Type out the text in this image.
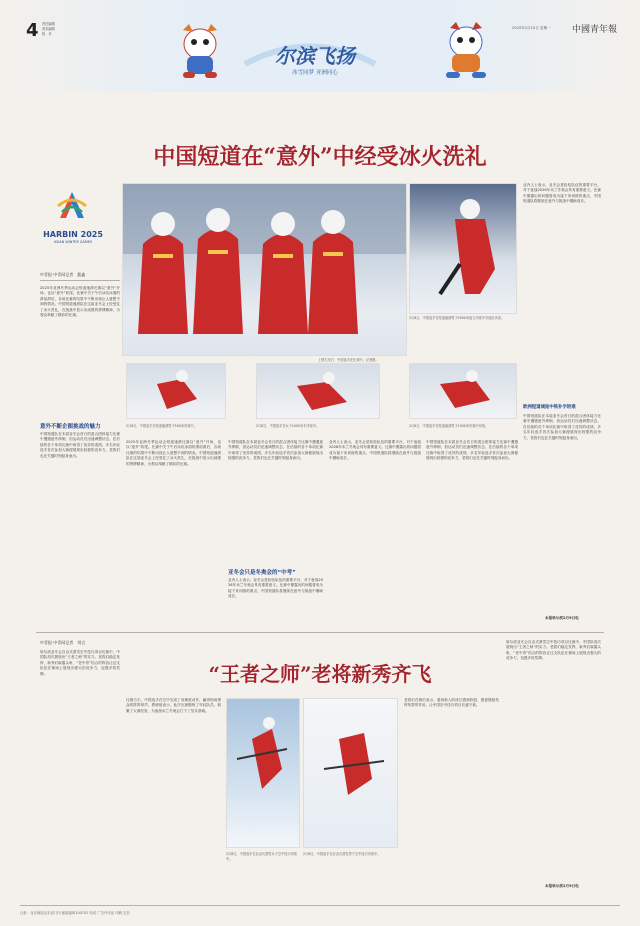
4 责任编辑
美术编辑
校　对
尔滨飞扬
冰雪同梦 亚洲同心
2025年2月10日 星期一 中國青年報
中国短道在“意外”中经受冰火洗礼
HARBIN 2025
ASIAN WINTER GAMES
中青报·中青网记者　慈鑫
2025年亚洲冬季运动会短道速滑比赛以“意外”开场，也以“意外”收尾。比赛中关于午后冰坑冰面的滑前滑后，各场比赛的结果中不断出现让人意想不到的情况。中国短道速滑队在这届亚冬会上经受住了冰火洗礼，在挑战中显示出顽强的拼搏精神，为观众奉献了精彩的比赛。
意外不断企图挑战的魅力
中国短道队在本届亚冬会首日的混合团体接力比赛中遭遇意外摔倒，但运动员们迅速调整状态，在后续的各个单项比赛中取得了优异的成绩。多名年轻选手首次参加大赛便展现出较强的竞争力，老将们也在关键时刻挺身而出。
2月8日，中国选手在短道速滑男子5000米接力决赛中夺冠后庆祝。
上图左至右：中国选手在比赛中。记者摄。
业内人士表示，亚冬会是检验队伍的重要平台，对于备战2026年米兰冬奥会具有重要意义。比赛中暴露出的问题将成为接下来训练的重点，中国短道队将继续在意外与挑战中磨砺成长。
欧洲短道城始中铁补字较难
中国短道队在本届亚冬会首日的混合团体接力比赛中遭遇意外摔倒，但运动员们迅速调整状态，在后续的各个单项比赛中取得了优异的成绩。多名年轻选手首次参加大赛便展现出较强的竞争力，老将们也在关键时刻挺身而出。
本报哈尔滨2月9日电
2月8日，中国选手在短道速滑男子500米决赛中。	2月8日，中国选手在女子1000米半决赛中。	2月8日，中国选手在短道速滑男子1000米决赛中冲线。
2025年亚洲冬季运动会短道速滑比赛以“意外”开场，也以“意外”收尾。比赛中关于午后冰坑冰面的滑前滑后，各场比赛的结果中不断出现让人意想不到的情况。中国短道速滑队在这届亚冬会上经受住了冰火洗礼，在挑战中显示出顽强的拼搏精神，为观众奉献了精彩的比赛。
中国短道队在本届亚冬会首日的混合团体接力比赛中遭遇意外摔倒，但运动员们迅速调整状态，在后续的各个单项比赛中取得了优异的成绩。多名年轻选手首次参加大赛便展现出较强的竞争力，老将们也在关键时刻挺身而出。
亚冬会只是冬奥会的“中考”
业内人士表示，亚冬会是检验队伍的重要平台，对于备战2026年米兰冬奥会具有重要意义。比赛中暴露出的问题将成为接下来训练的重点，中国短道队将继续在意外与挑战中磨砺成长。
业内人士表示，亚冬会是检验队伍的重要平台，对于备战2026年米兰冬奥会具有重要意义。比赛中暴露出的问题将成为接下来训练的重点，中国短道队将继续在意外与挑战中磨砺成长。
中国短道队在本届亚冬会首日的混合团体接力比赛中遭遇意外摔倒，但运动员们迅速调整状态，在后续的各个单项比赛中取得了优异的成绩。多名年轻选手首次参加大赛便展现出较强的竞争力，老将们也在关键时刻挺身而出。
中青报·中青网记者　刘言
哈尔滨亚冬会自由式滑雪空中技巧项目比赛中，中国队再次展现出“王者之师”的实力。老将们稳定发挥，新秀们崭露头角，“老中青”结合的阵容让这支队伍在赛场上展现出强大的竞争力，包揽多枚奖牌。	“王者之师”老将新秀齐飞
比赛当天，中国选手在空中完成了高难度动作，赢得现场观众的阵阵掌声。教练组表示，此次比赛锻炼了年轻队员，积累了大赛经验，为备战米兰冬奥会打下了坚实基础。
2月8日，中国选手在自由式滑雪女子空中技巧决赛中。
2月8日，中国选手在自由式滑雪男子空中技巧决赛中。
老将们在赛后表示，看到新人的成长感到欣慰，愿意继续发挥传帮带作用，让中国空中技巧项目长盛不衰。
哈尔滨亚冬会自由式滑雪空中技巧项目比赛中，中国队再次展现出“王者之师”的实力。老将们稳定发挥，新秀们崭露头角，“老中青”结合的阵容让这支队伍在赛场上展现出强大的竞争力，包揽多枚奖牌。
本报哈尔滨2月9日电
社址：北京海淀区东直门内 邮政编码100702 电话 广告许可证 印刷 定价
